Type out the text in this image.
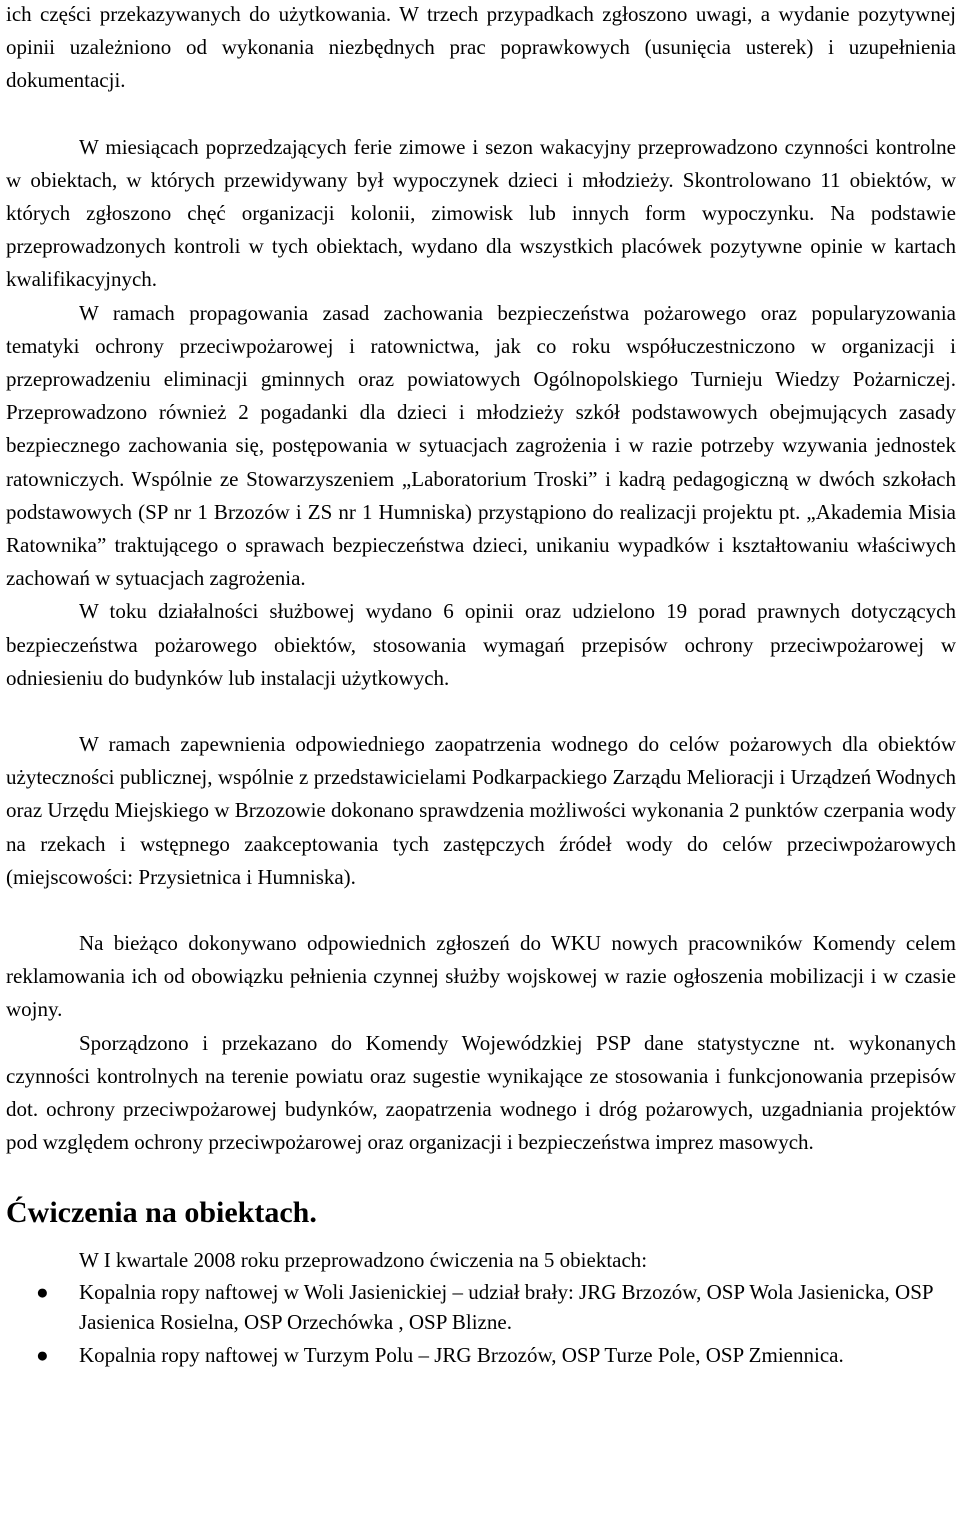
ich części przekazywanych do użytkowania. W trzech przypadkach zgłoszono uwagi, a wydanie pozytywnej opinii uzależniono od wykonania niezbędnych prac poprawkowych (usunięcia usterek) i uzupełnienia dokumentacji.

W miesiącach poprzedzających ferie zimowe i sezon wakacyjny przeprowadzono czynności kontrolne w obiektach, w których przewidywany był wypoczynek dzieci i młodzieży. Skontrolowano 11 obiektów, w których zgłoszono chęć organizacji kolonii, zimowisk lub innych form wypoczynku. Na podstawie przeprowadzonych kontroli w tych obiektach, wydano dla wszystkich placówek pozytywne opinie w kartach kwalifikacyjnych.

W ramach propagowania zasad zachowania bezpieczeństwa pożarowego oraz popularyzowania tematyki ochrony przeciwpożarowej i ratownictwa, jak co roku współuczestniczono w organizacji i przeprowadzeniu eliminacji gminnych oraz powiatowych Ogólnopolskiego Turnieju Wiedzy Pożarniczej. Przeprowadzono również 2 pogadanki dla dzieci i młodzieży szkół podstawowych obejmujących zasady bezpiecznego zachowania się, postępowania w sytuacjach zagrożenia i w razie potrzeby wzywania jednostek ratowniczych. Wspólnie ze Stowarzyszeniem „Laboratorium Troski” i kadrą pedagogiczną w dwóch szkołach podstawowych (SP nr 1 Brzozów i ZS nr 1 Humniska) przystąpiono do realizacji projektu pt. „Akademia Misia Ratownika” traktującego o sprawach bezpieczeństwa dzieci, unikaniu wypadków i kształtowaniu właściwych zachowań w sytuacjach zagrożenia.

W toku działalności służbowej wydano 6 opinii oraz udzielono 19 porad prawnych dotyczących bezpieczeństwa pożarowego obiektów, stosowania wymagań przepisów ochrony przeciwpożarowej w odniesieniu do budynków lub instalacji użytkowych.

W ramach zapewnienia odpowiedniego zaopatrzenia wodnego do celów pożarowych dla obiektów użyteczności publicznej, wspólnie z przedstawicielami Podkarpackiego Zarządu Melioracji i Urządzeń Wodnych oraz Urzędu Miejskiego w Brzozowie dokonano sprawdzenia możliwości wykonania 2 punktów czerpania wody na rzekach i wstępnego zaakceptowania tych zastępczych źródeł wody do celów przeciwpożarowych (miejscowości: Przysietnica i Humniska).

Na bieżąco dokonywano odpowiednich zgłoszeń do WKU nowych pracowników Komendy celem reklamowania ich od obowiązku pełnienia czynnej służby wojskowej w razie ogłoszenia mobilizacji i w czasie wojny.

Sporządzono i przekazano do Komendy Wojewódzkiej PSP dane statystyczne nt. wykonanych czynności kontrolnych na terenie powiatu oraz sugestie wynikające ze stosowania i funkcjonowania przepisów dot. ochrony przeciwpożarowej budynków, zaopatrzenia wodnego i dróg pożarowych, uzgadniania projektów pod względem ochrony przeciwpożarowej oraz organizacji i bezpieczeństwa imprez masowych.

Ćwiczenia na obiektach.

W I kwartale 2008 roku przeprowadzono ćwiczenia na 5 obiektach:

● Kopalnia ropy naftowej w Woli Jasienickiej – udział brały: JRG Brzozów, OSP Wola Jasienicka, OSP Jasienica Rosielna, OSP Orzechówka , OSP Blizne.
● Kopalnia ropy naftowej w Turzym Polu – JRG Brzozów, OSP Turze Pole, OSP Zmiennica.
